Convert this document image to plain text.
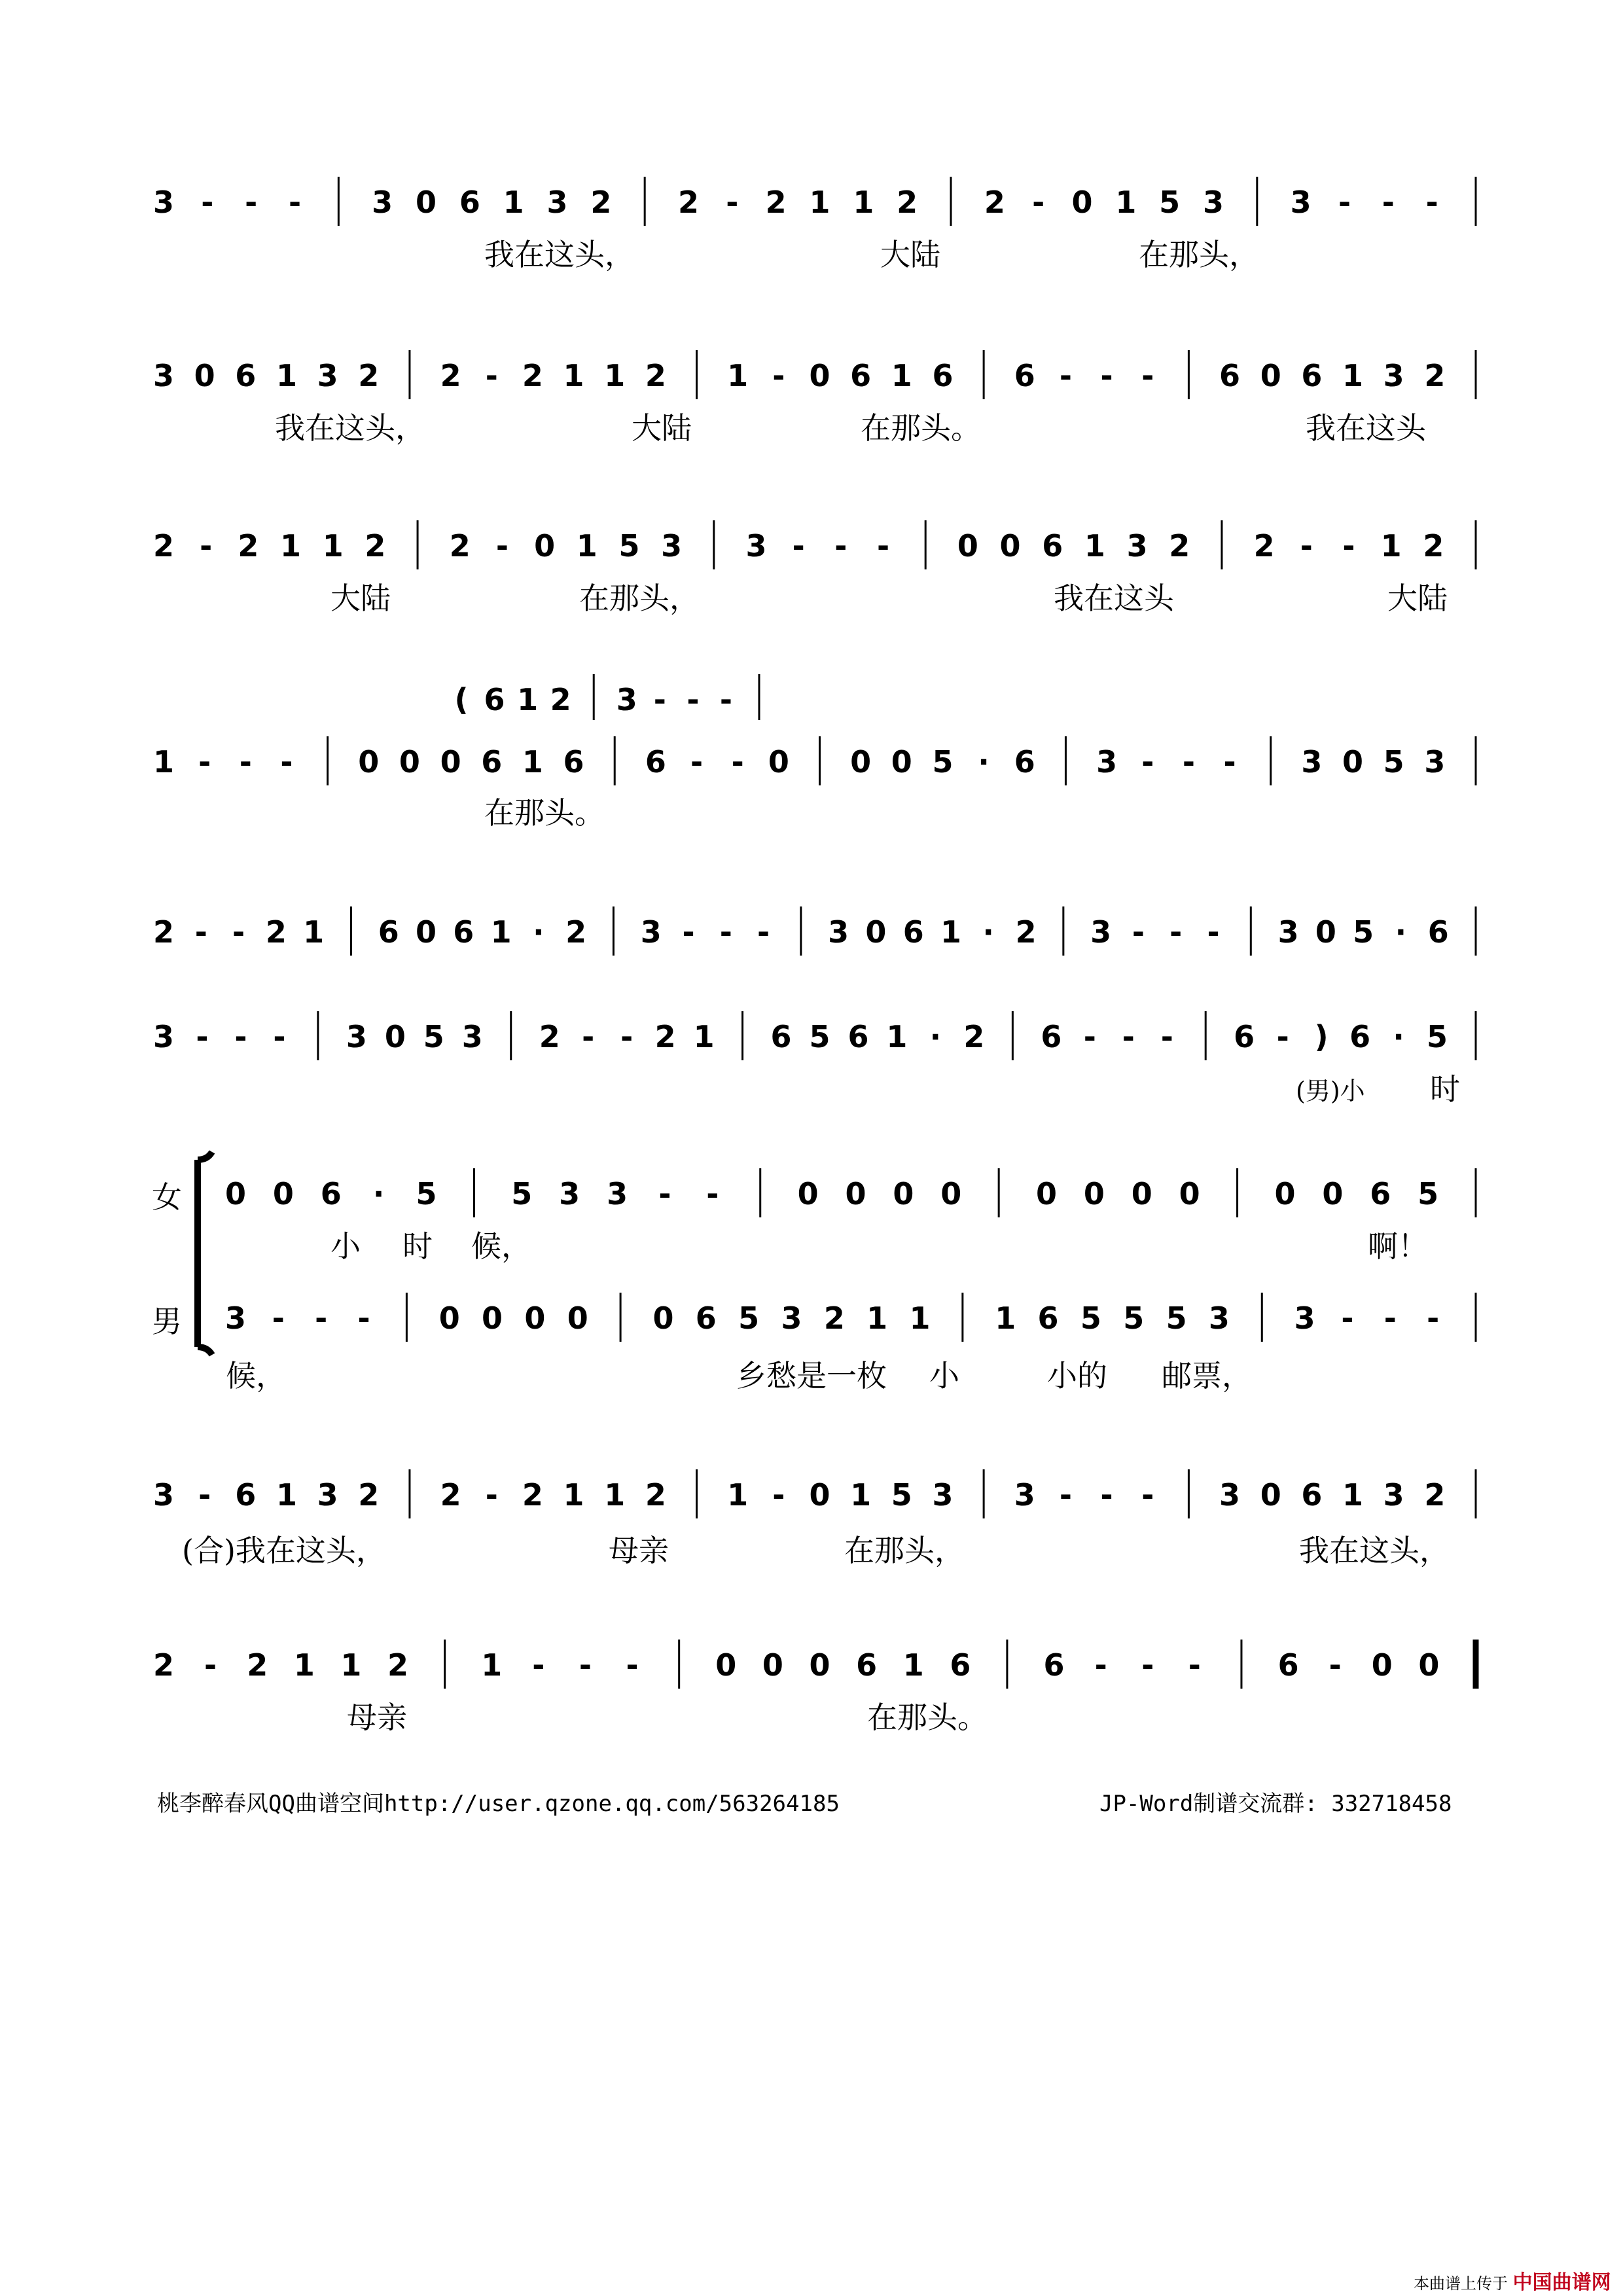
3 - - - 3 0 6 1 3 2 2 - 2 1 1 2 2 - 0 1 5 3 3 - - -
我在这头，	大陆	在那头，
3 0 6 1 3 2 2 - 2 1 1 2 1 - 0 6 1 6 6 - - - 6 0 6 1 3 2
我在这头，	大陆	在那头。	我在这头
2 - 2 1 1 2 2 - 0 1 5 3 3 - - - 0 0 6 1 3 2 2 - - 1 2
大陆	在那头，	我在这头	大陆
( 6 1 2 3 - - -
1 - - - 0 0 0 6 1 6 6 - - 0 0 0 5 · 6 3 - - - 3 0 5 3
在那头。
2 - - 2 1 6 0 6 1 · 2 3 - - - 3 0 6 1 · 2 3 - - - 3 0 5 · 6
3 - - - 3 0 5 3 2 - - 2 1 6 5 6 1 · 2 6 - - - 6 - ) 6 · 5
(男)小 时
女
男
0 0 6 · 5 5 3 3 - -	0 0 0 0 0 0 0 0 0 0 6 5
小 时 候，	啊！
3 - - - 0 0 0 0 0 6 5 3 2 1 1 1 6 5 5 5 3 3 - - -
候，	乡愁是一枚 小	小的 邮票，
3 - 6 1 3 2 2 - 2 1 1 2 1 - 0 1 5 3 3 - - - 3 0 6 1 3 2
(合)我在这头，	母亲	在那头，	我在这头，
2 - 2 1 1 2 1 - - -	0 0 0 6 1 6 6 - - -	6 - 0 0
母亲	在那头。
桃李醉春风QQ曲谱空间http://user.qzone.qq.com/563264185	JP-Word制谱交流群: 332718458
本曲谱上传于 中国曲谱网
